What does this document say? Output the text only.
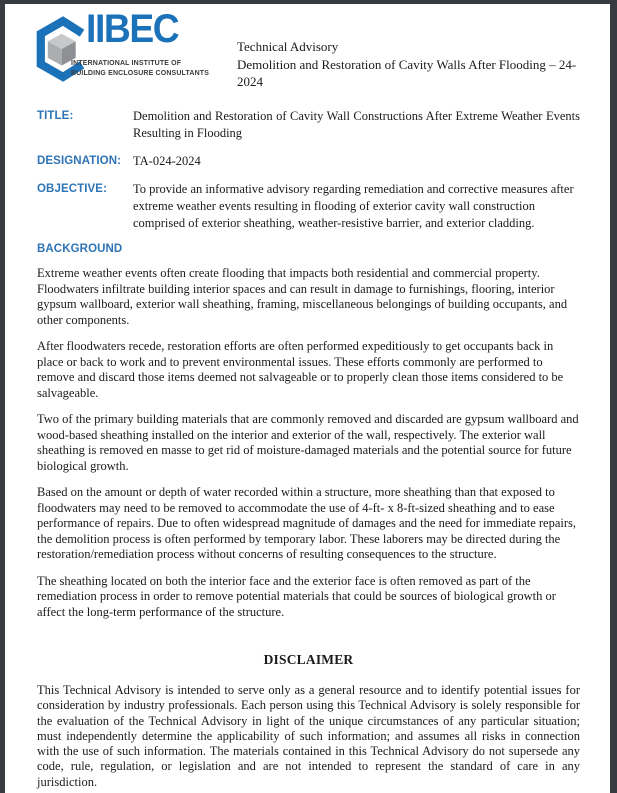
IIBEC
INTERNATIONAL INSTITUTE OF
BUILDING ENCLOSURE CONSULTANTS
Technical Advisory
Demolition and Restoration of Cavity Walls After Flooding – 24-2024
TITLE:	Demolition and Restoration of Cavity Wall Constructions After Extreme Weather Events Resulting in Flooding
DESIGNATION: TA-024-2024
OBJECTIVE:	To provide an informative advisory regarding remediation and corrective measures after extreme weather events resulting in flooding of exterior cavity wall construction comprised of exterior sheathing, weather-resistive barrier, and exterior cladding.
BACKGROUND

Extreme weather events often create flooding that impacts both residential and commercial property. Floodwaters infiltrate building interior spaces and can result in damage to furnishings, flooring, interior gypsum wallboard, exterior wall sheathing, framing, miscellaneous belongings of building occupants, and other components.

After floodwaters recede, restoration efforts are often performed expeditiously to get occupants back in place or back to work and to prevent environmental issues. These efforts commonly are performed to remove and discard those items deemed not salvageable or to properly clean those items considered to be salvageable.

Two of the primary building materials that are commonly removed and discarded are gypsum wallboard and wood-based sheathing installed on the interior and exterior of the wall, respectively. The exterior wall sheathing is removed en masse to get rid of moisture-damaged materials and the potential source for future biological growth.

Based on the amount or depth of water recorded within a structure, more sheathing than that exposed to floodwaters may need to be removed to accommodate the use of 4-ft- x 8-ft-sized sheathing and to ease performance of repairs. Due to often widespread magnitude of damages and the need for immediate repairs, the demolition process is often performed by temporary labor. These laborers may be directed during the restoration/remediation process without concerns of resulting consequences to the structure.

The sheathing located on both the interior face and the exterior face is often removed as part of the remediation process in order to remove potential materials that could be sources of biological growth or affect the long-term performance of the structure.

DISCLAIMER

This Technical Advisory is intended to serve only as a general resource and to identify potential issues for consideration by industry professionals. Each person using this Technical Advisory is solely responsible for the evaluation of the Technical Advisory in light of the unique circumstances of any particular situation; must independently determine the applicability of such information; and assumes all risks in connection with the use of such information. The materials contained in this Technical Advisory do not supersede any code, rule, regulation, or legislation and are not intended to represent the standard of care in any jurisdiction.
